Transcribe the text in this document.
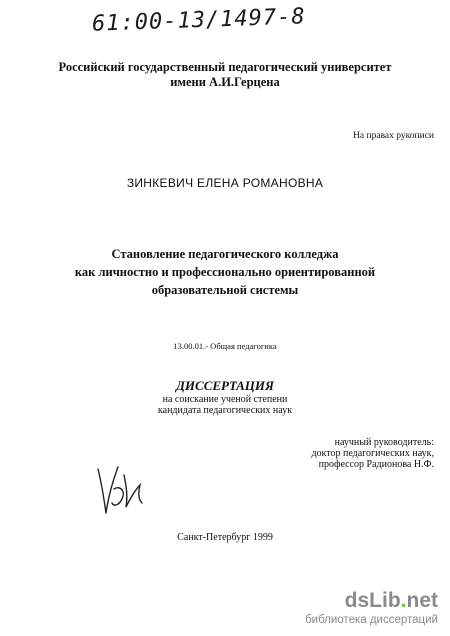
61:00-13/1497-8
Российский государственный педагогический университет
имени А.И.Герцена
На правах рукописи
ЗИНКЕВИЧ ЕЛЕНА РОМАНОВНА
Становление педагогического колледжа
как личностно и профессионально ориентированной
образовательной системы
13.00.01.- Общая педагогика
ДИССЕРТАЦИЯ
на соискание ученой степени
кандидата педагогических наук
научный руководитель:
доктор педагогических наук,
профессор Радионова Н.Ф.
Санкт-Петербург 1999
dsLib.net
библиотека диссертаций
